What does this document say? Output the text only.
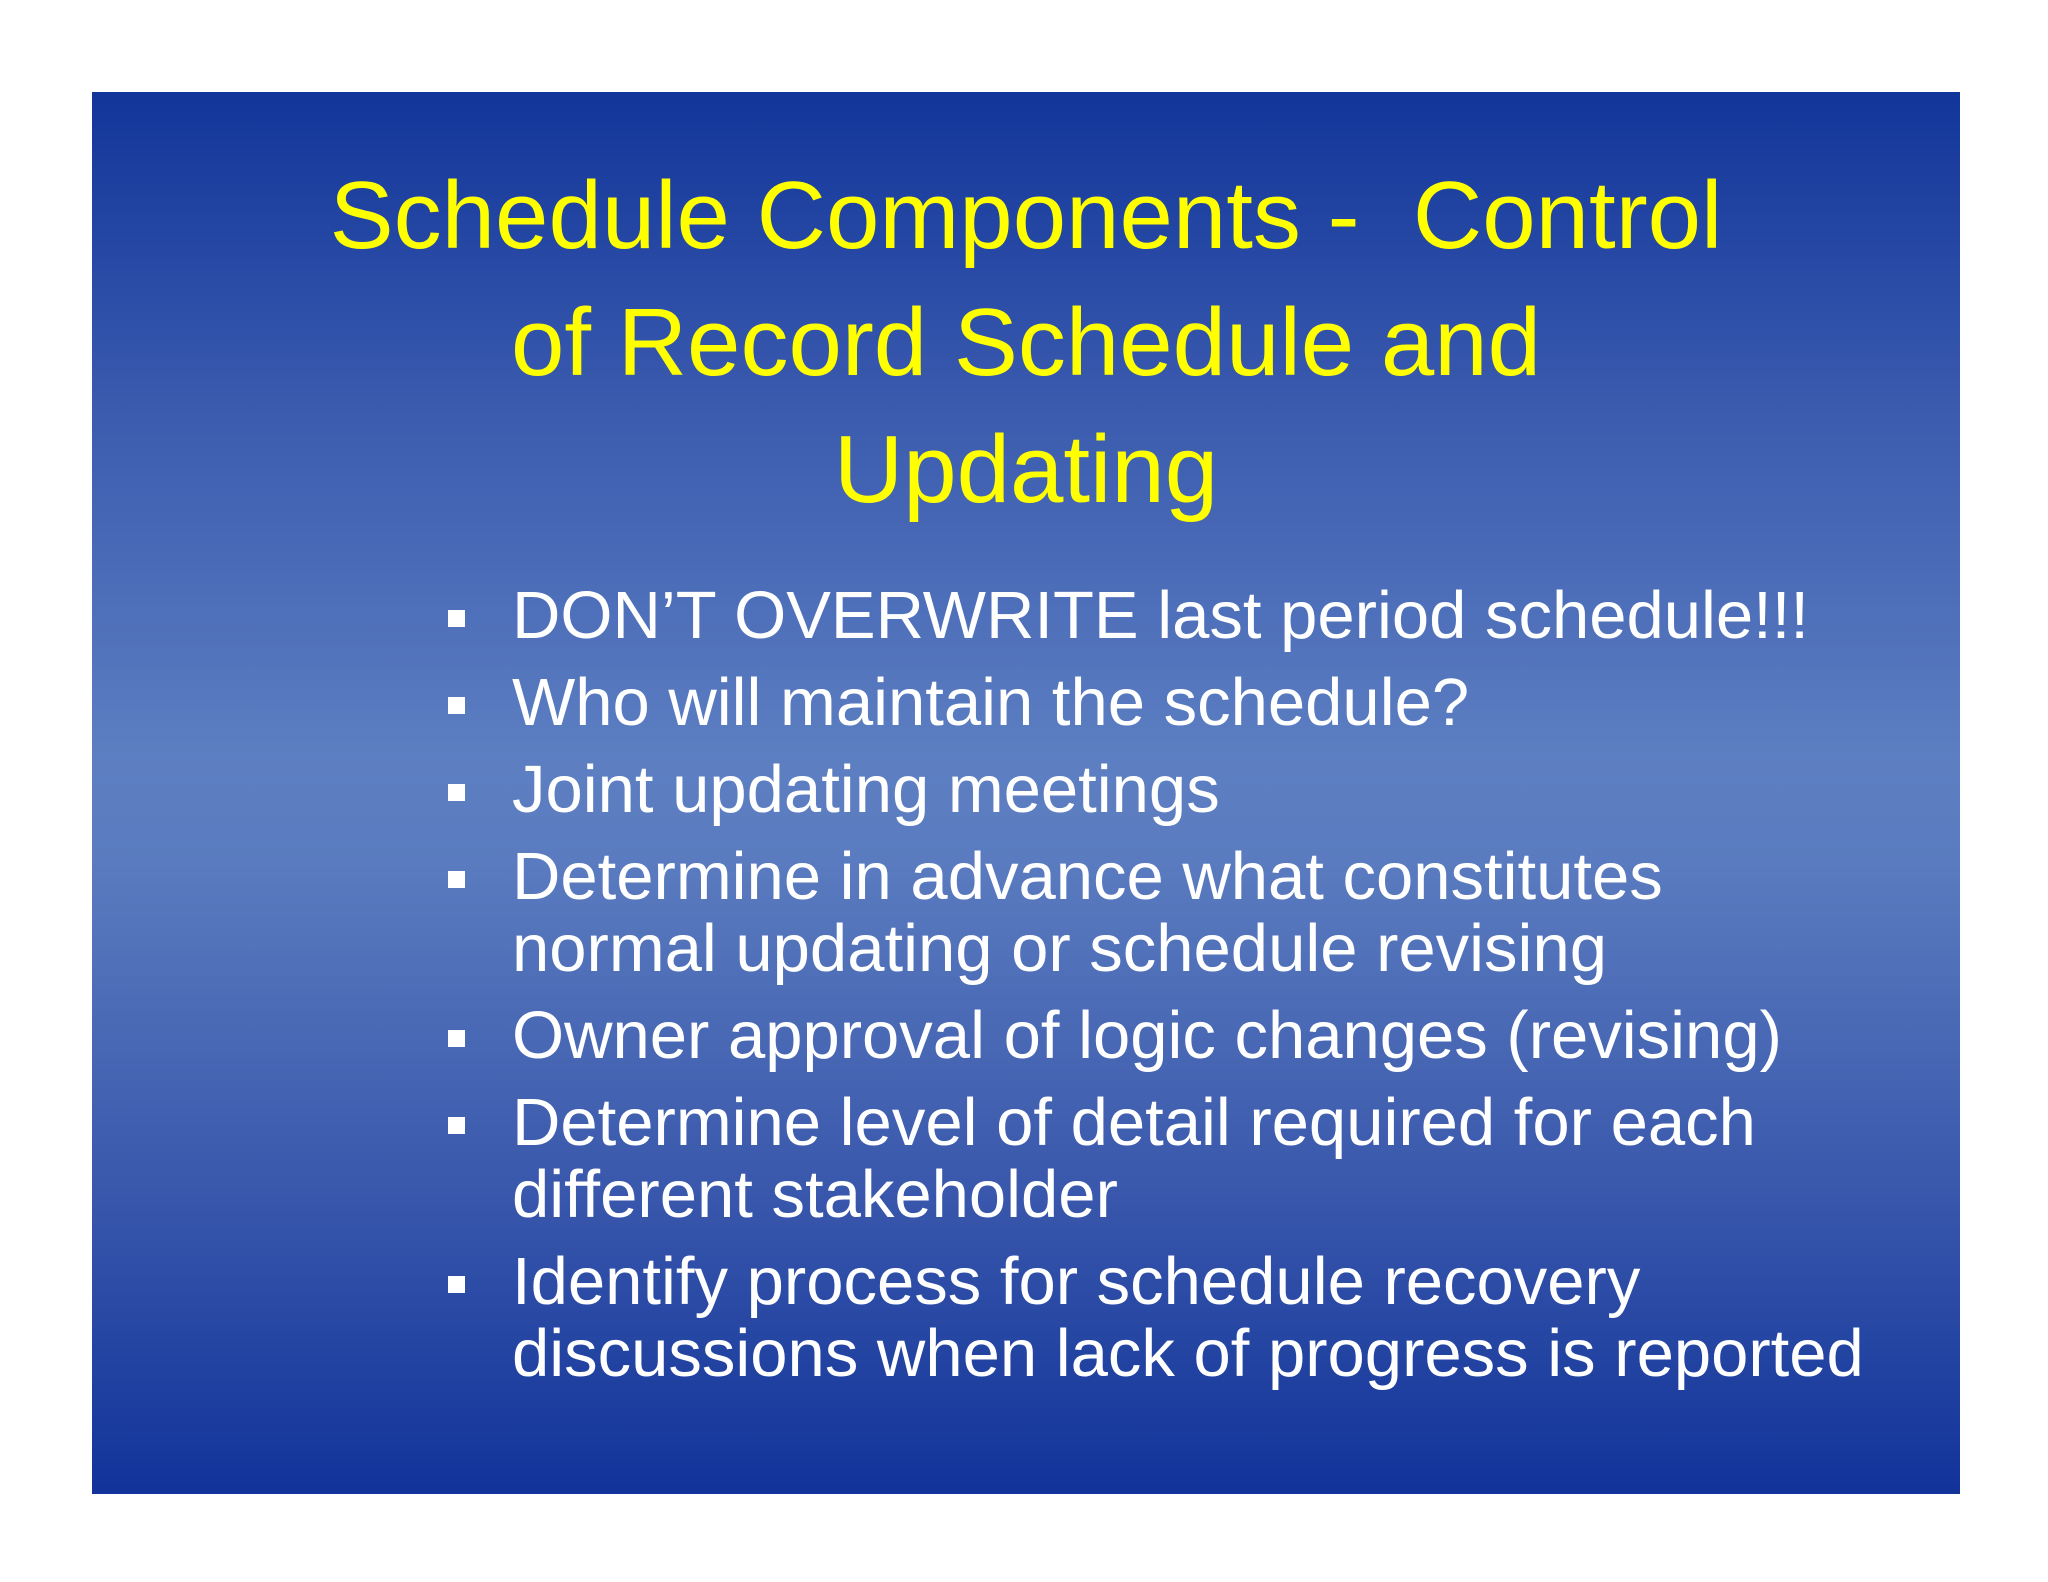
Schedule Components -  Control
of Record Schedule and
Updating
DON’T OVERWRITE last period schedule!!!
Who will maintain the schedule?
Joint updating meetings
Determine in advance what constitutes
normal updating or schedule revising
Owner approval of logic changes (revising)
Determine level of detail required for each
different stakeholder
Identify process for schedule recovery
discussions when lack of progress is reported
